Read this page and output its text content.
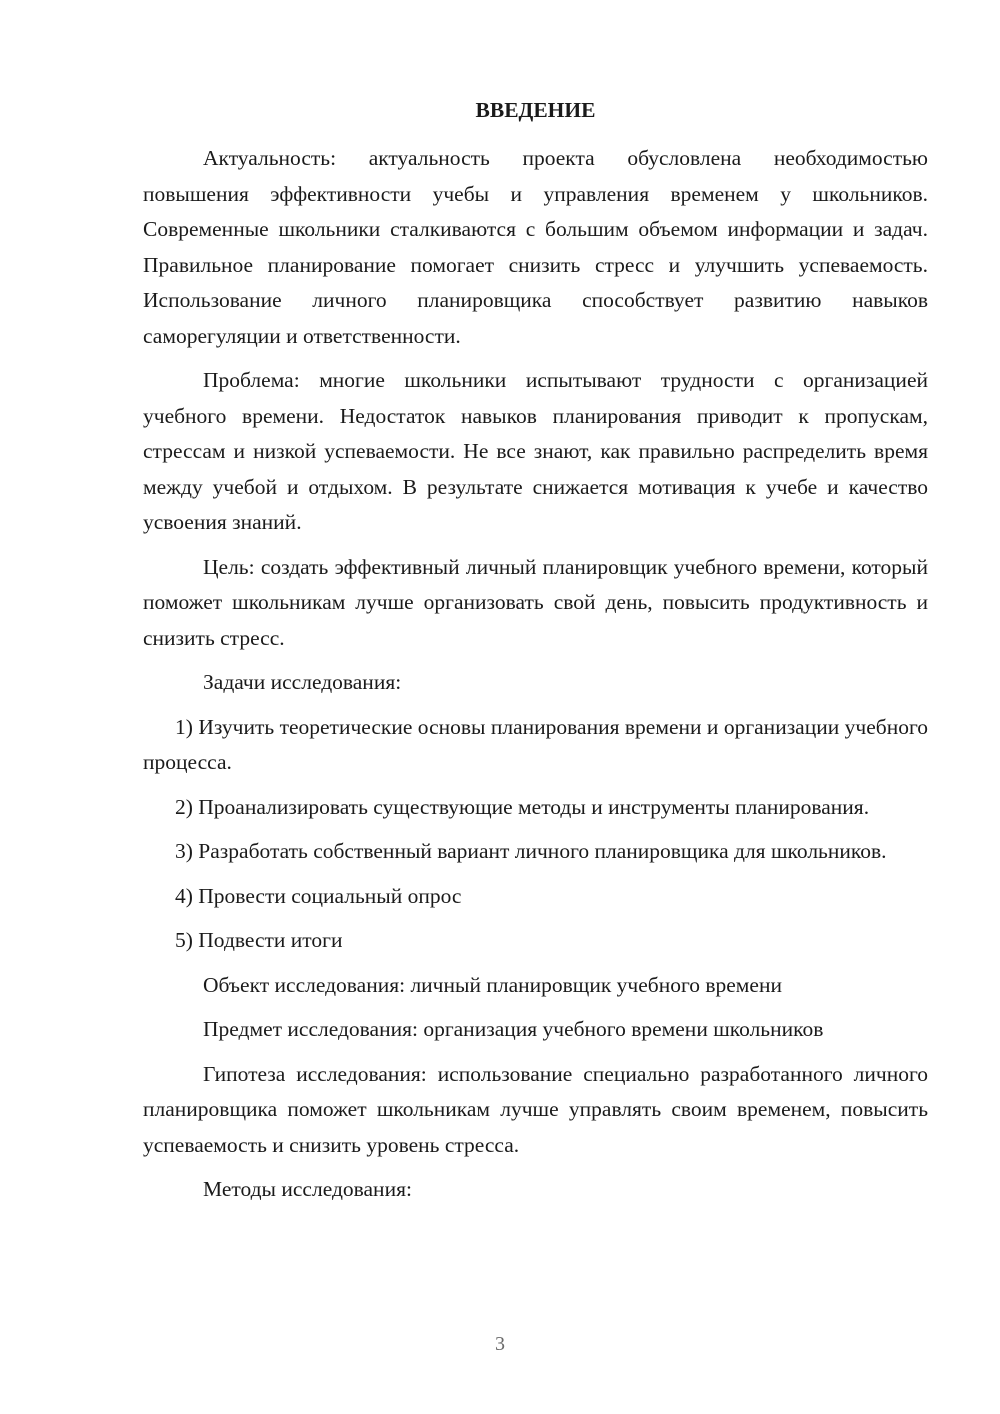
ВВЕДЕНИЕ

Актуальность: актуальность проекта обусловлена необходимостью повышения эффективности учебы и управления временем у школьников. Современные школьники сталкиваются с большим объемом информации и задач. Правильное планирование помогает снизить стресс и улучшить успеваемость. Использование личного планировщика способствует развитию навыков саморегуляции и ответственности.

Проблема: многие школьники испытывают трудности с организацией учебного времени. Недостаток навыков планирования приводит к пропускам, стрессам и низкой успеваемости. Не все знают, как правильно распределить время между учебой и отдыхом. В результате снижается мотивация к учебе и качество усвоения знаний.

Цель: создать эффективный личный планировщик учебного времени, который поможет школьникам лучше организовать свой день, повысить продуктивность и снизить стресс.

Задачи исследования:

1) Изучить теоретические основы планирования времени и организации учебного процесса.

2) Проанализировать существующие методы и инструменты планирования.

3) Разработать собственный вариант личного планировщика для школьников.

4) Провести социальный опрос

5) Подвести итоги

Объект исследования: личный планировщик учебного времени

Предмет исследования: организация учебного времени школьников

Гипотеза исследования: использование специально разработанного личного планировщика поможет школьникам лучше управлять своим временем, повысить успеваемость и снизить уровень стресса.

Методы исследования:

3
